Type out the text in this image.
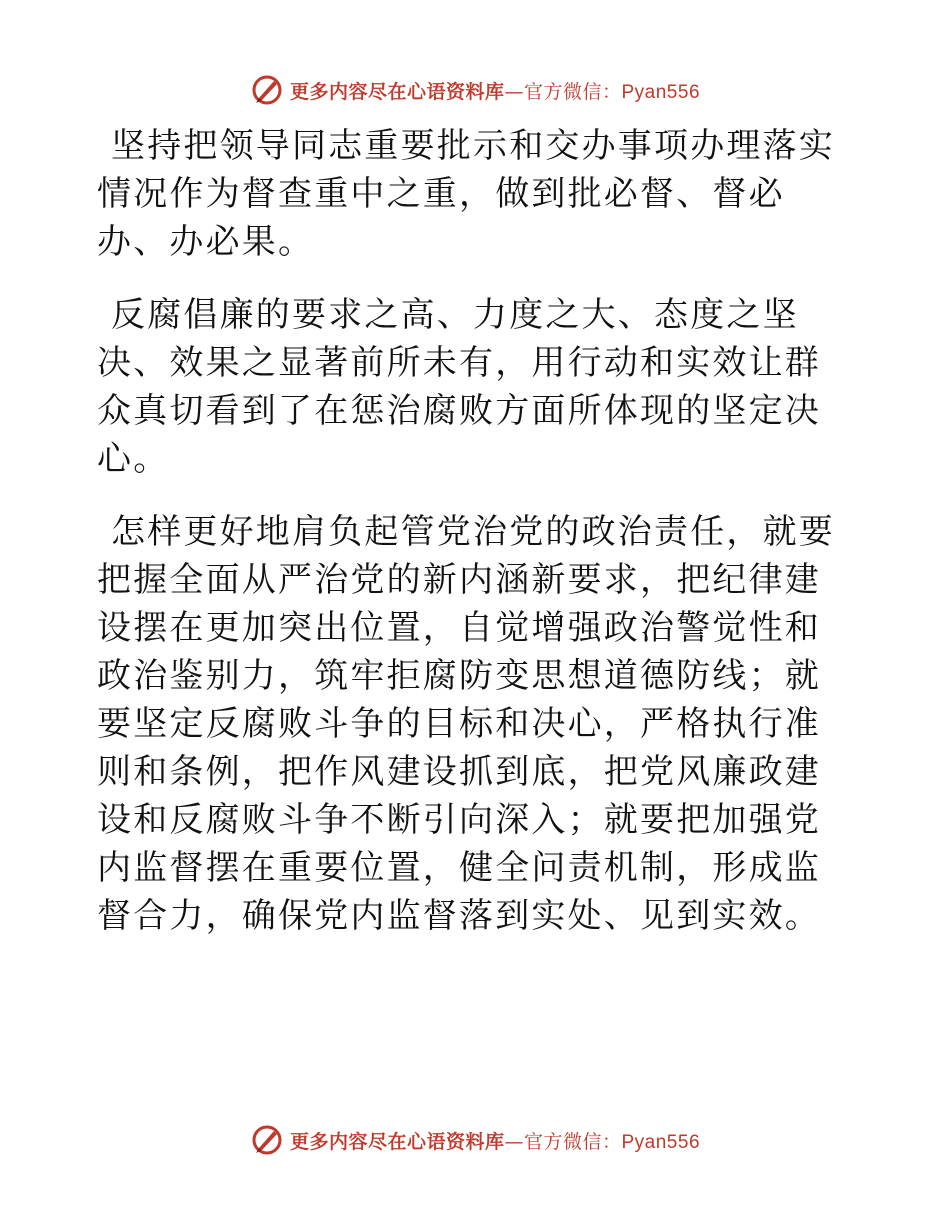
更多内容尽在心语资料库—官方微信：Pyan556

坚持把领导同志重要批示和交办事项办理落实情况作为督查重中之重，做到批必督、督必办、办必果。

反腐倡廉的要求之高、力度之大、态度之坚决、效果之显著前所未有，用行动和实效让群众真切看到了在惩治腐败方面所体现的坚定决心。

怎样更好地肩负起管党治党的政治责任，就要把握全面从严治党的新内涵新要求，把纪律建设摆在更加突出位置，自觉增强政治警觉性和政治鉴别力，筑牢拒腐防变思想道德防线；就要坚定反腐败斗争的目标和决心，严格执行准则和条例，把作风建设抓到底，把党风廉政建设和反腐败斗争不断引向深入；就要把加强党内监督摆在重要位置，健全问责机制，形成监督合力，确保党内监督落到实处、见到实效。

更多内容尽在心语资料库—官方微信：Pyan556
